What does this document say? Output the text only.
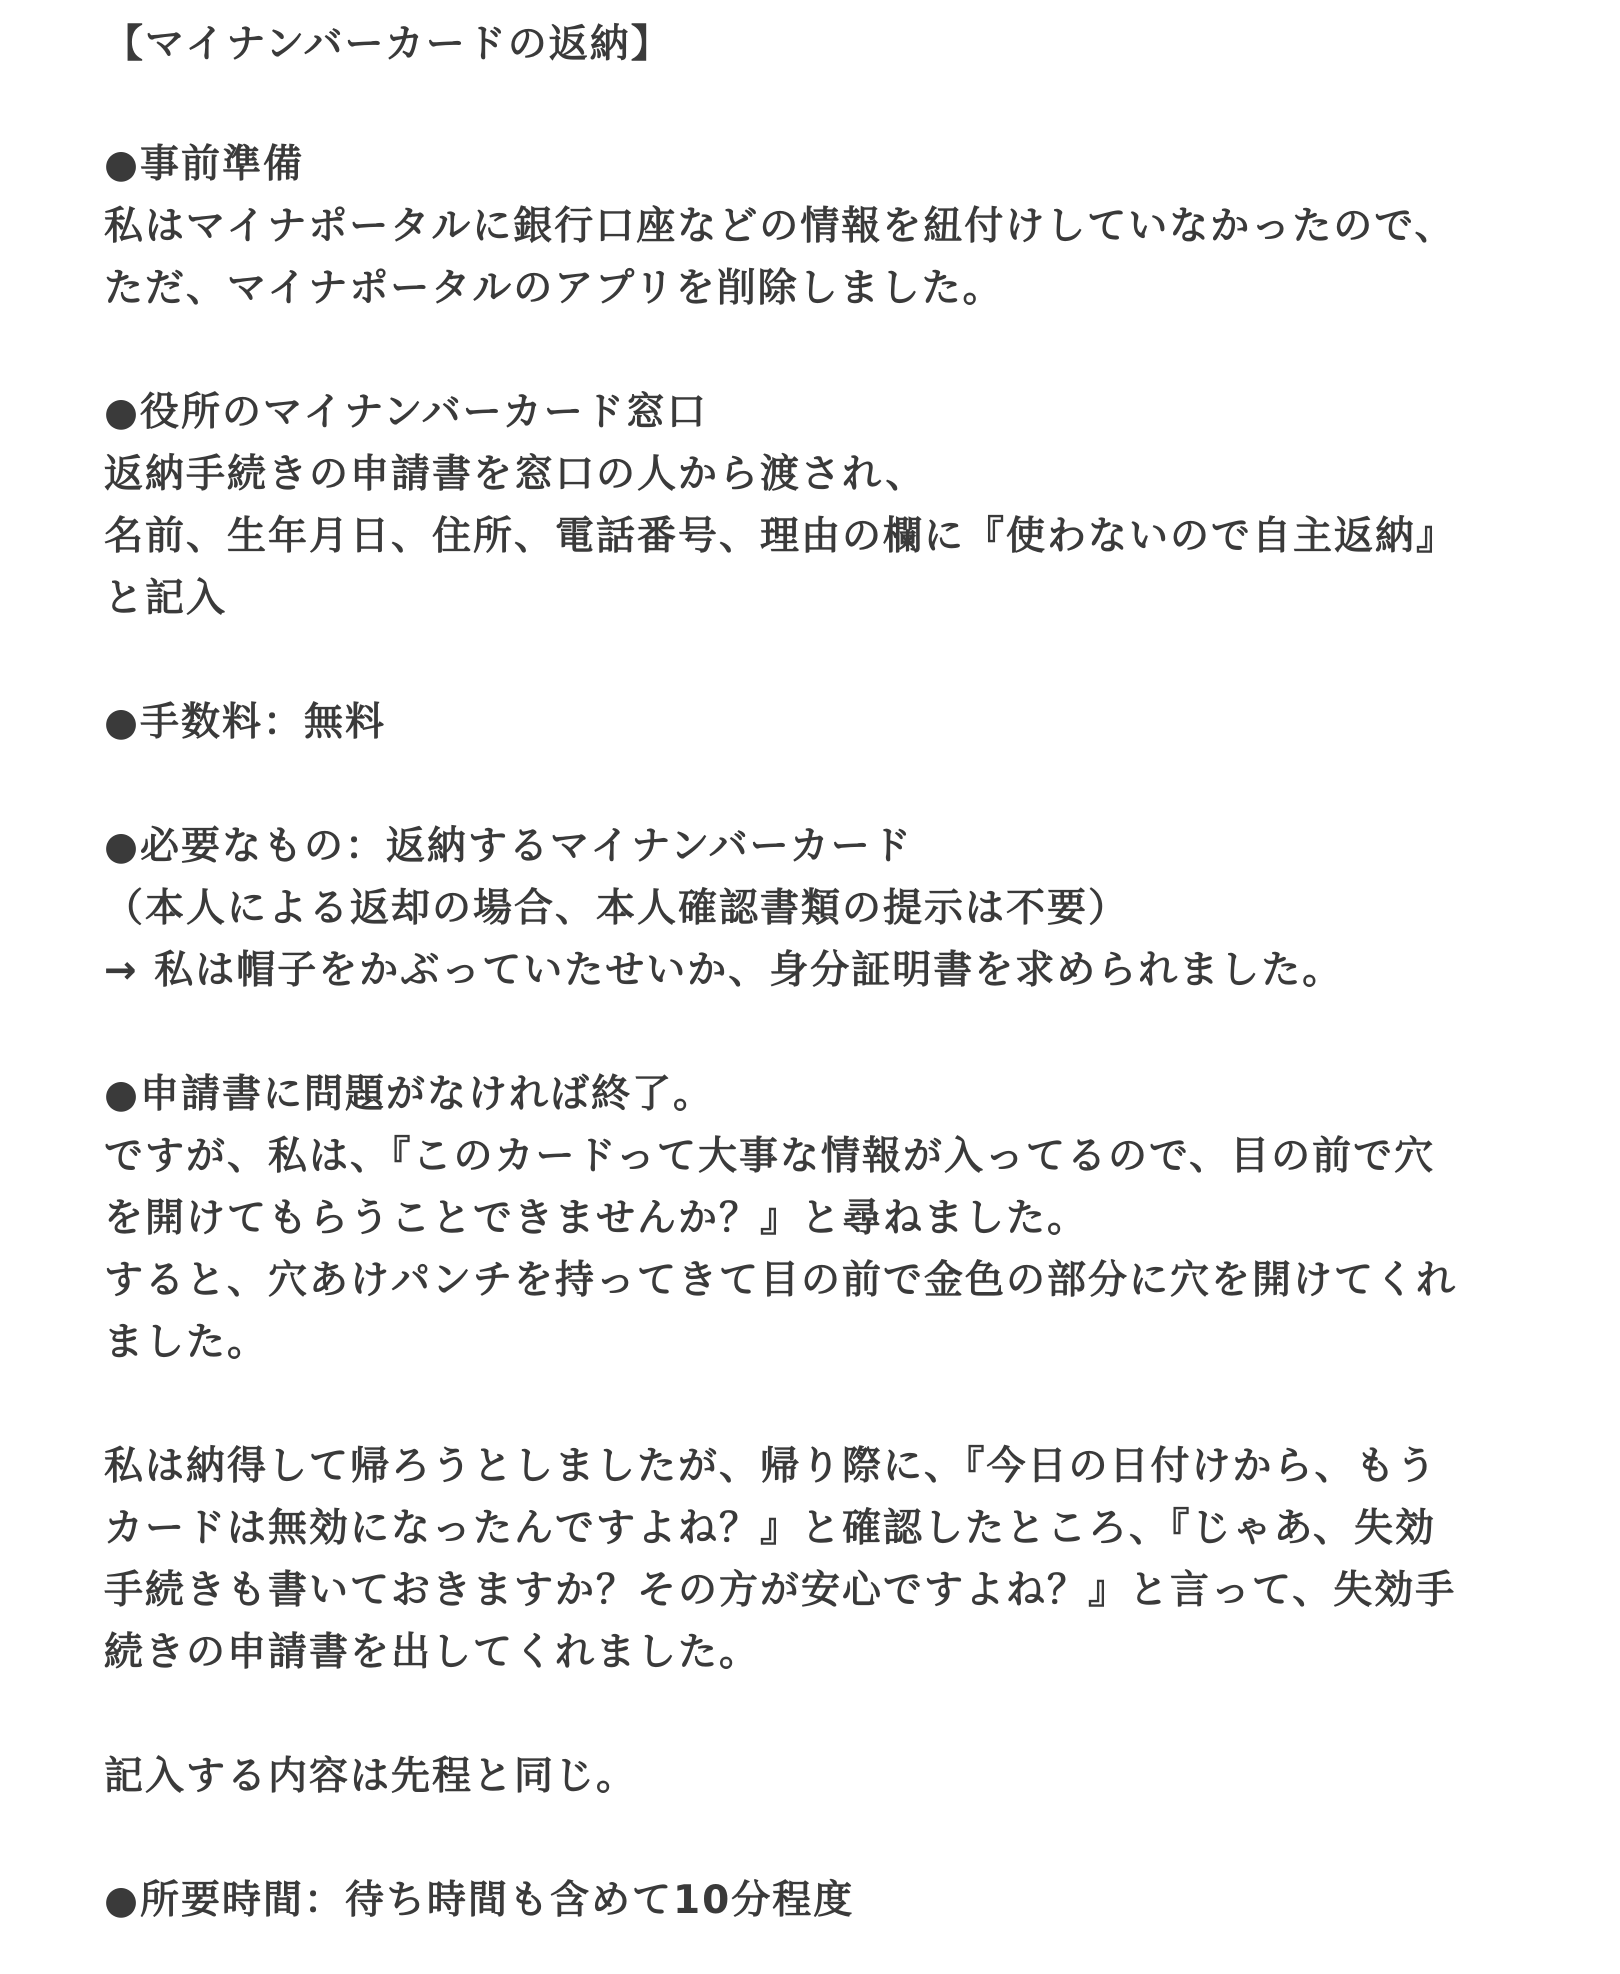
【マイナンバーカードの返納】
●事前準備
私はマイナポータルに銀行口座などの情報を紐付けしていなかったので、
ただ、マイナポータルのアプリを削除しました。
●役所のマイナンバーカード窓口
返納手続きの申請書を窓口の人から渡され、
名前、生年月日、住所、電話番号、理由の欄に『使わないので自主返納』
と記入
●手数料：無料
●必要なもの：返納するマイナンバーカード
（本人による返却の場合、本人確認書類の提示は不要）
→ 私は帽子をかぶっていたせいか、身分証明書を求められました。
●申請書に問題がなければ終了。
ですが、私は、『このカードって大事な情報が入ってるので、目の前で穴
を開けてもらうことできませんか？』と尋ねました。
すると、穴あけパンチを持ってきて目の前で金色の部分に穴を開けてくれ
ました。
私は納得して帰ろうとしましたが、帰り際に、『今日の日付けから、もう
カードは無効になったんですよね？』と確認したところ、『じゃあ、失効
手続きも書いておきますか？その方が安心ですよね？』と言って、失効手
続きの申請書を出してくれました。
記入する内容は先程と同じ。
●所要時間：待ち時間も含めて10分程度
